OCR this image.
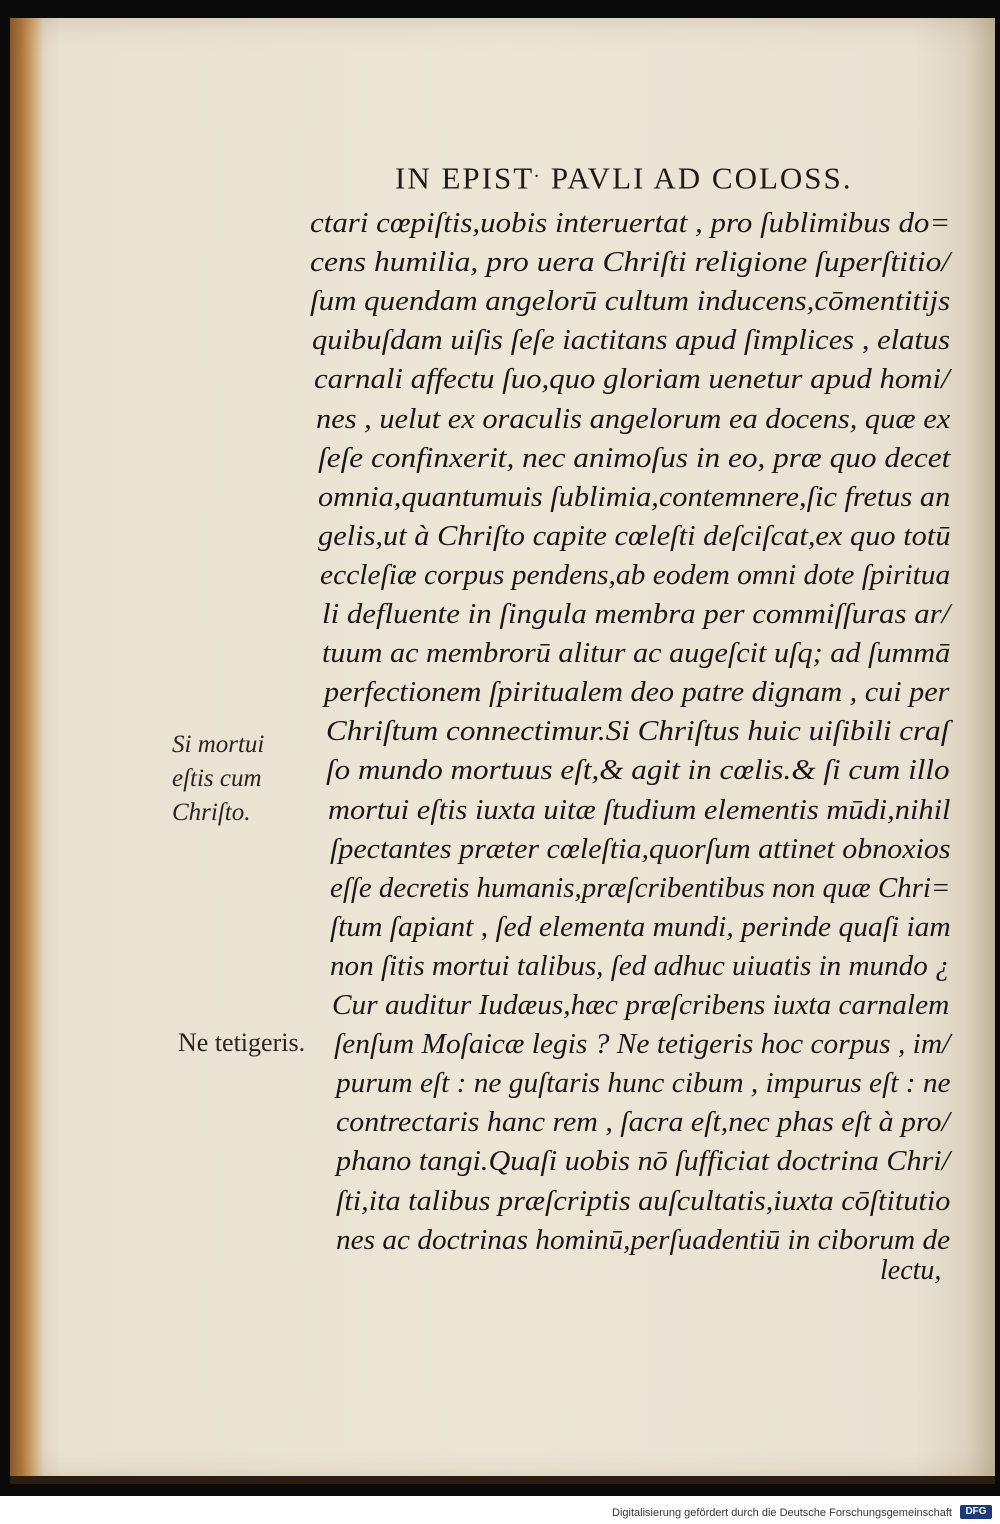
IN EPIST. PAVLI AD COLOSS.
ctari cœpiſtis,uobis interuertat , pro ſublimibus do=
cens humilia, pro uera Chriſti religione ſuperſtitio/
ſum quendam angelorū cultum inducens,cōmentitijs
quibuſdam uiſis ſeſe iactitans apud ſimplices , elatus
carnali affectu ſuo,quo gloriam uenetur apud homi/
nes , uelut ex oraculis angelorum ea docens, quæ ex
ſeſe confinxerit, nec animoſus in eo, præ quo decet
omnia,quantumuis ſublimia,contemnere,ſic fretus an
gelis,ut à Chriſto capite cœleſti deſciſcat,ex quo totū
eccleſiæ corpus pendens,ab eodem omni dote ſpiritua
li defluente in ſingula membra per commiſſuras ar/
tuum ac membrorū alitur ac augeſcit uſq; ad ſummā
perfectionem ſpiritualem deo patre dignam , cui per
Chriſtum connectimur.Si Chriſtus huic uiſibili craſ
ſo mundo mortuus eſt,& agit in cœlis.& ſi cum illo
mortui eſtis iuxta uitæ ſtudium elementis mūdi,nihil
ſpectantes præter cœleſtia,quorſum attinet obnoxios
eſſe decretis humanis,præſcribentibus non quæ Chri=
ſtum ſapiant , ſed elementa mundi, perinde quaſi iam
non ſitis mortui talibus, ſed adhuc uiuatis in mundo ¿
Cur auditur Iudæus,hæc præſcribens iuxta carnalem
ſenſum Moſaicæ legis ? Ne tetigeris hoc corpus , im/
purum eſt : ne guſtaris hunc cibum , impurus eſt : ne
contrectaris hanc rem , ſacra eſt,nec phas eſt à pro/
phano tangi.Quaſi uobis nō ſufficiat doctrina Chri/
ſti,ita talibus præſcriptis auſcultatis,iuxta cōſtitutio
nes ac doctrinas hominū,perſuadentiū in ciborum de
Si mortui
eſtis cum
Chriſto.
Ne tetigeris.
lectu,
Digitalisierung gefördert durch die Deutsche Forschungsgemeinschaft	DFG
